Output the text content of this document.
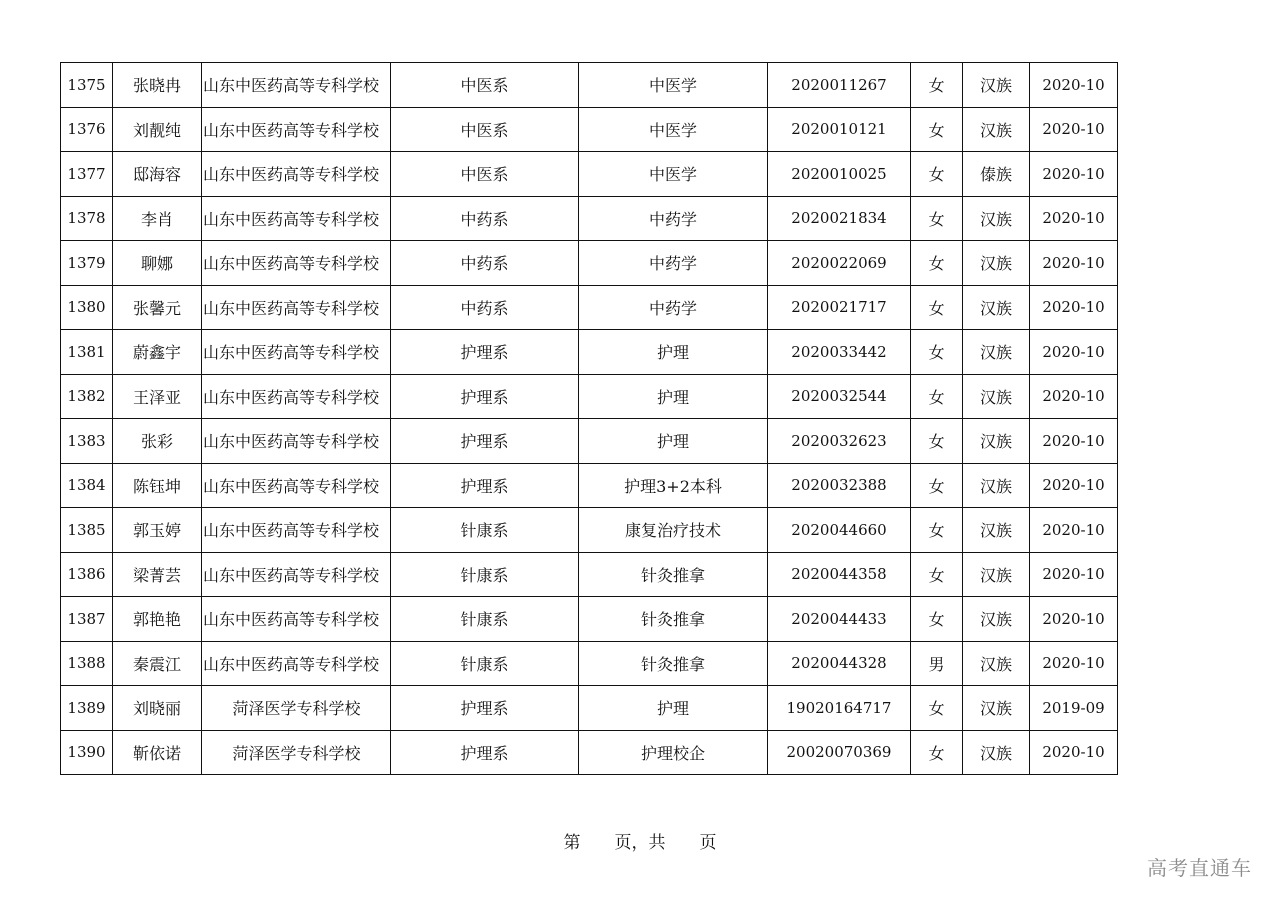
1375	张晓冉	山东中医药高等专科学校	中医系	中医学	2020011267	女	汉族	2020-10
1376	刘靓纯	山东中医药高等专科学校	中医系	中医学	2020010121	女	汉族	2020-10
1377	邸海容	山东中医药高等专科学校	中医系	中医学	2020010025	女	傣族	2020-10
1378	李肖	山东中医药高等专科学校	中药系	中药学	2020021834	女	汉族	2020-10
1379	聊娜	山东中医药高等专科学校	中药系	中药学	2020022069	女	汉族	2020-10
1380	张馨元	山东中医药高等专科学校	中药系	中药学	2020021717	女	汉族	2020-10
1381	蔚鑫宇	山东中医药高等专科学校	护理系	护理	2020033442	女	汉族	2020-10
1382	王泽亚	山东中医药高等专科学校	护理系	护理	2020032544	女	汉族	2020-10
1383	张彩	山东中医药高等专科学校	护理系	护理	2020032623	女	汉族	2020-10
1384	陈钰坤	山东中医药高等专科学校	护理系	护理3+2本科	2020032388	女	汉族	2020-10
1385	郭玉婷	山东中医药高等专科学校	针康系	康复治疗技术	2020044660	女	汉族	2020-10
1386	梁菁芸	山东中医药高等专科学校	针康系	针灸推拿	2020044358	女	汉族	2020-10
1387	郭艳艳	山东中医药高等专科学校	针康系	针灸推拿	2020044433	女	汉族	2020-10
1388	秦震江	山东中医药高等专科学校	针康系	针灸推拿	2020044328	男	汉族	2020-10
1389	刘晓丽	菏泽医学专科学校	护理系	护理	19020164717	女	汉族	2019-09
1390	靳依诺	菏泽医学专科学校	护理系	护理校企	20020070369	女	汉族	2020-10
第 页，共 页
高考直通车
